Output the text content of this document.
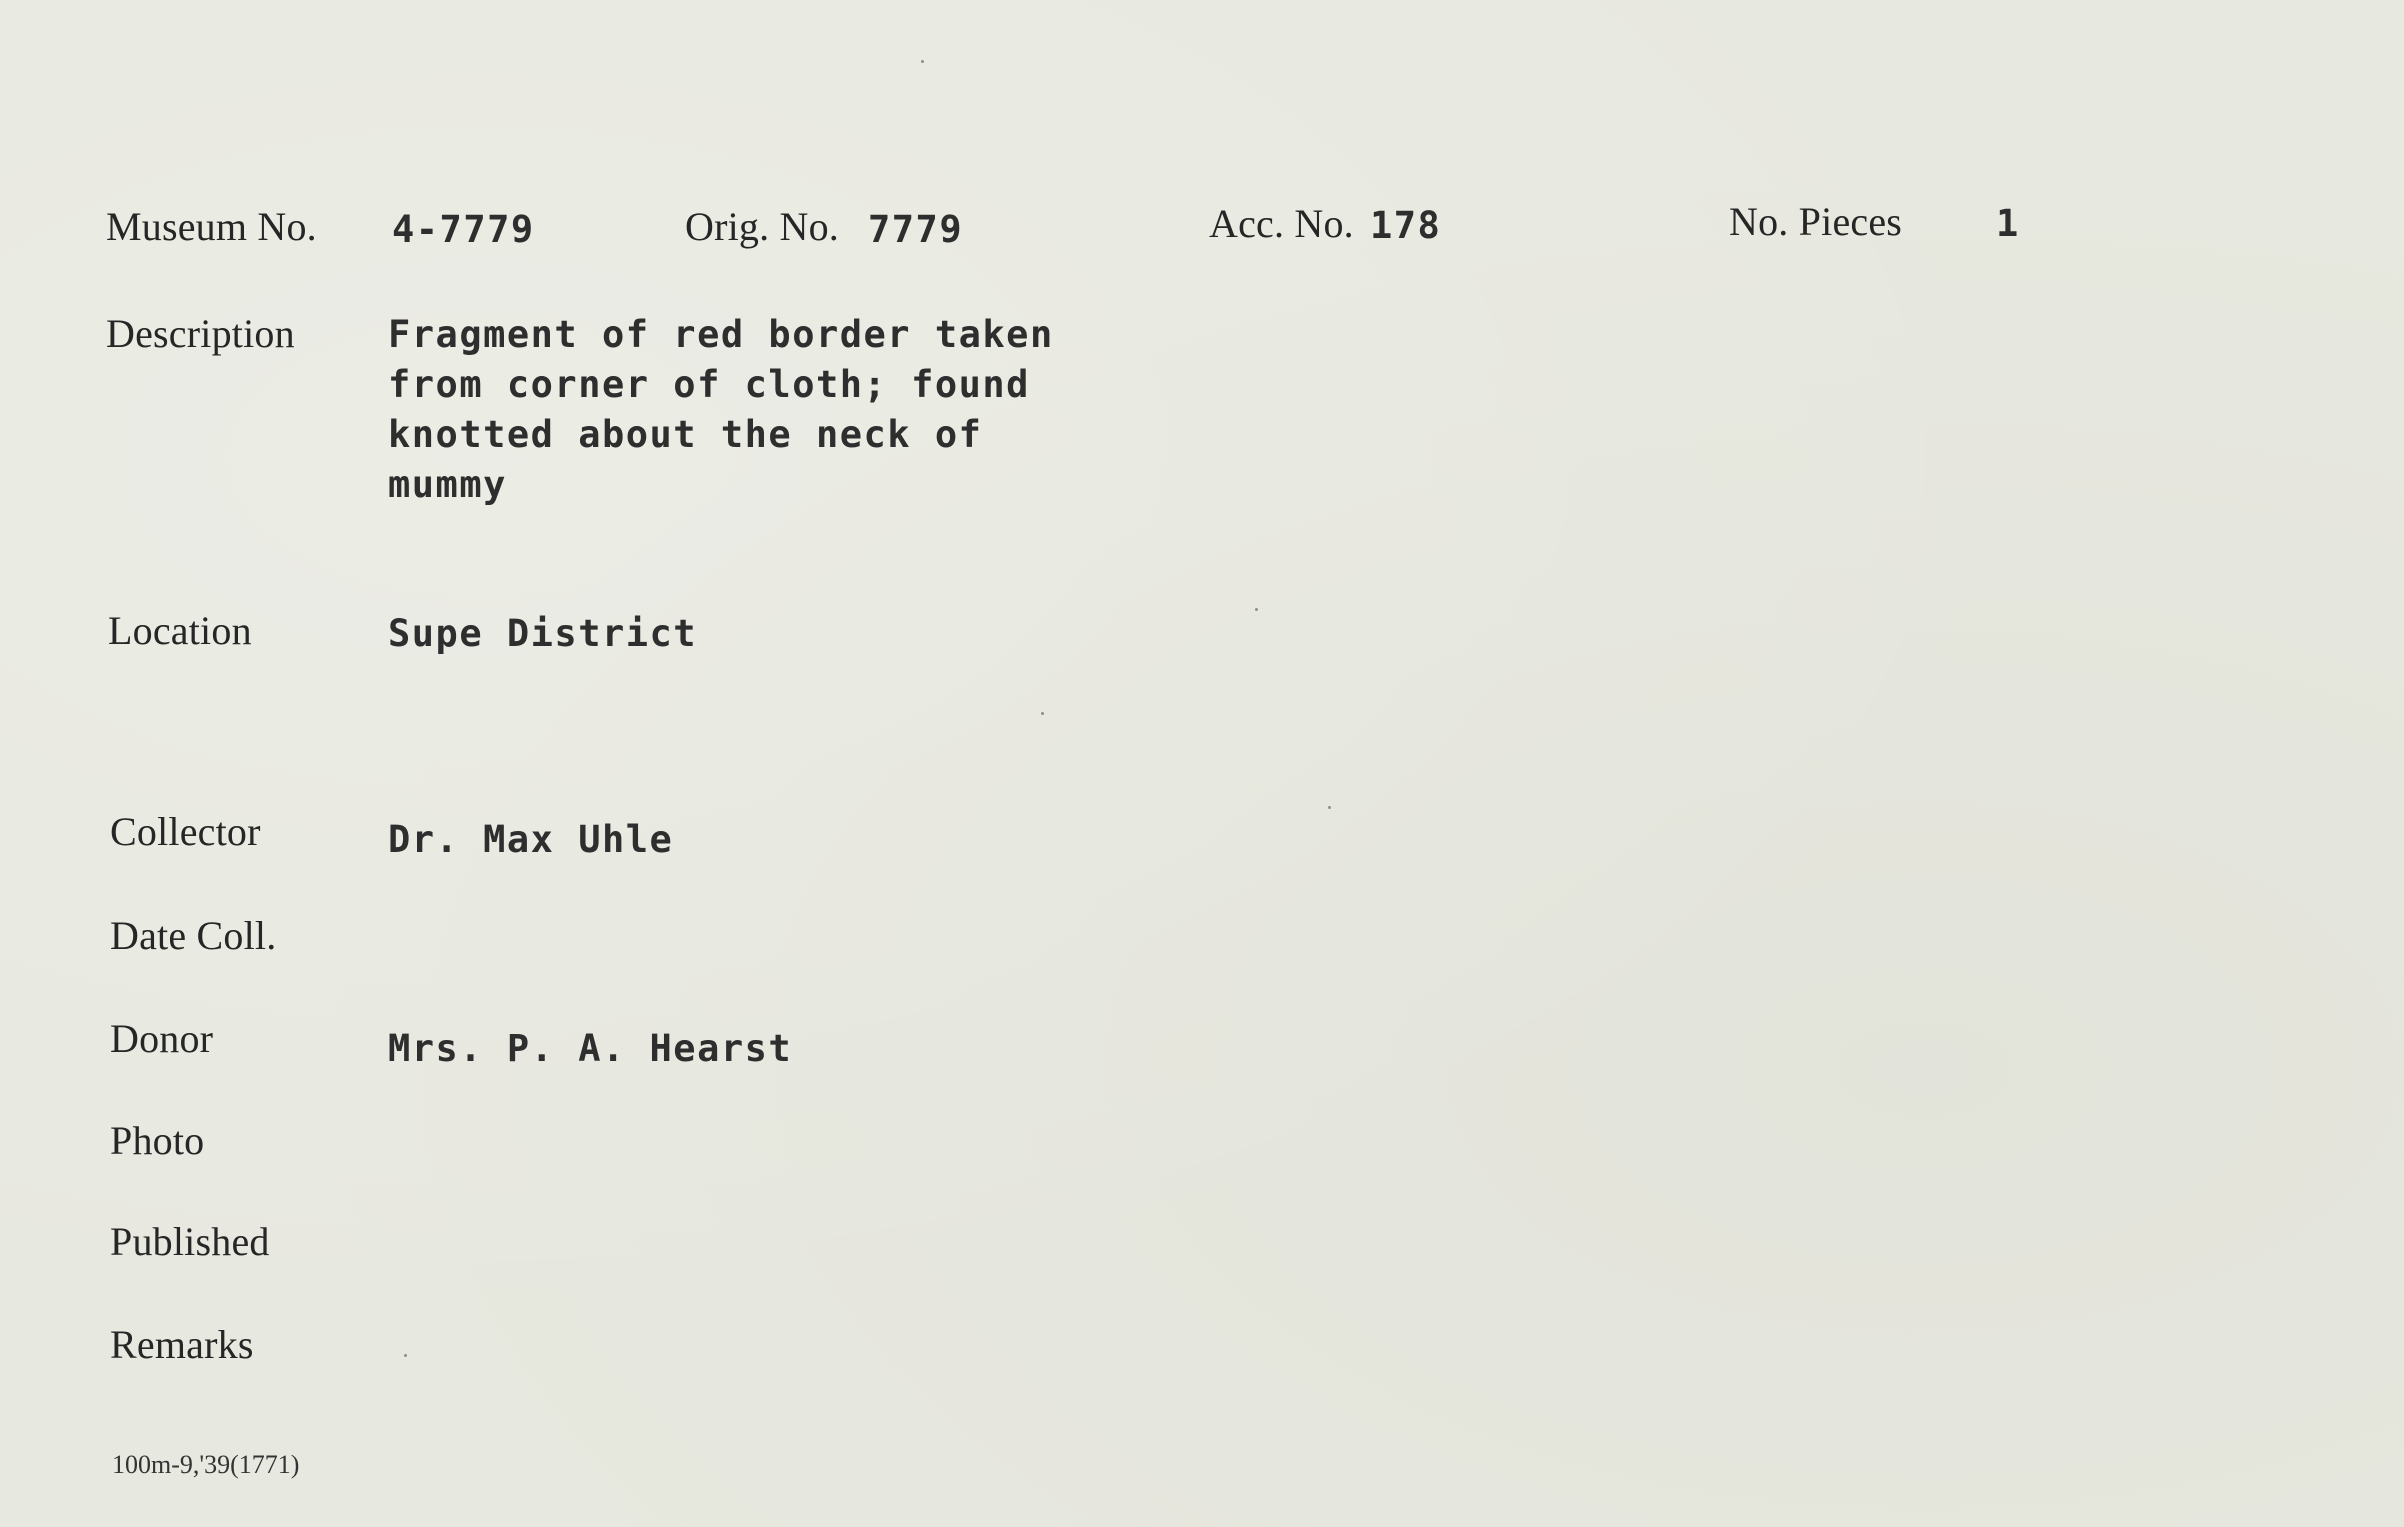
Museum No. 4-7779	Orig. No. 7779	Acc. No. 178	No. Pieces	1
Description	Fragment of red border taken
from corner of cloth; found
knotted about the neck of
mummy
Location	Supe District
Collector	Dr. Max Uhle
Date Coll.
Donor	Mrs. P. A. Hearst
Photo
Published
Remarks
100m-9,'39(1771)
